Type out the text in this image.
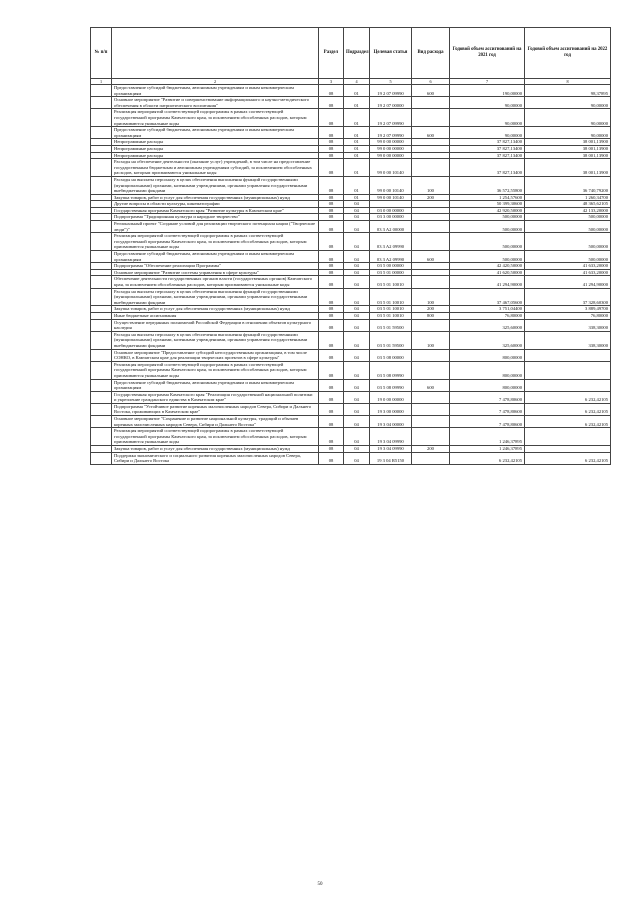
№ п/п		Раздел	Подраздел	Целевая статья	Вид расхода	Годовой объем ассигнований на 2021 год	Годовой объем ассигнований на 2022 год
1	2	3	4	5	6	7	8
	Предоставление субсидий бюджетным, автономным учреждениям и иным некоммерческим организациям	08	01	19 2 07 09990	600	190,00000	98,37895
	Основное мероприятие "Развитие и совершенствование информационного и научно-методического обеспечения в области патриотического воспитания"	08	01	19 2 07 00000		90,00000	90,00000
	Реализация мероприятий соответствующей подпрограммы в рамках соответствующей государственной программы Камчатского края, за исключением обособленных расходов, которым присваиваются уникальные коды	08	01	19 2 07 09990		90,00000	90,00000
	Предоставление субсидий бюджетным, автономным учреждениям и иным некоммерческим организациям	08	01	19 2 07 09990	600	90,00000	90,00000
	Непрограммные расходы	08	01	99 0 00 00000		37 827,13400	38 001,13900
	Непрограммные расходы	08	01	99 0 00 00000		37 827,13400	38 001,13900
	Непрограммные расходы	08	01	99 0 00 00000		37 827,13400	38 001,13900
	Расходы на обеспечение деятельности (оказание услуг) учреждений, в том числе на предоставление государственным бюджетным и автономным учреждениям субсидий, за исключением обособленных расходов, которым присваиваются уникальные коды	08	01	99 0 00 10140		37 827,13400	38 001,13900
	Расходы на выплаты персоналу в целях обеспечения выполнения функций государственными (муниципальными) органами, казенными учреждениями, органами управления государственными внебюджетными фондами	08	01	99 0 00 10140	100	36 572,55800	36 740,79200
	Закупка товаров, работ и услуг для обеспечения государственных (муниципальных) нужд	08	01	99 0 00 10140	200	1 254,57600	1 260,34700
	Другие вопросы в области культуры, кинематографии	08	04			50 399,30600	48 365,62105
	Государственная программа Камчатского края "Развитие культуры в Камчатском крае"	08	04	03 0 00 00000		42 920,50000	42 133,20000
	Подпрограмма "Традиционная культура и народное творчество"	08	04	03 3 00 00000		500,00000	500,00000
	Региональный проект "Создание условий для реализации творческого потенциала нации ("Творческие люди")"	08	04	03 3 A2 00000		500,00000	500,00000
	Реализация мероприятий соответствующей подпрограммы в рамках соответствующей государственной программы Камчатского края, за исключением обособленных расходов, которым присваиваются уникальные коды	08	04	03 3 A2 09990		500,00000	500,00000
	Предоставление субсидий бюджетным, автономным учреждениям и иным некоммерческим организациям	08	04	03 3 A2 09990	600	500,00000	500,00000
	Подпрограмма "Обеспечение реализации Программы"	08	04	03 5 00 00000		42 420,50000	41 633,20000
	Основное мероприятие "Развитие системы управления в сфере культуры"	08	04	03 5 01 00000		41 620,50000	41 633,20000
	Обеспечение деятельности государственных органов власти (государственных органов) Камчатского края, за исключением обособленных расходов, которым присваиваются уникальные коды	08	04	03 5 01 10010		41 294,90000	41 294,90000
	Расходы на выплаты персоналу в целях обеспечения выполнения функций государственными (муниципальными) органами, казенными учреждениями, органами управления государственными внебюджетными фондами	08	04	03 5 01 10010	100	37 467,05600	37 328,60300
	Закупка товаров, работ и услуг для обеспечения государственных (муниципальных) нужд	08	04	03 5 01 10010	200	3 751,04400	3 889,49700
	Иные бюджетные ассигнования	08	04	03 5 01 10010	800	76,80000	76,80000
	Осуществление переданных полномочий Российской Федерации в отношении объектов культурного наследия	08	04	03 5 01 59500		325,60000	338,30000
	Расходы на выплаты персоналу в целях обеспечения выполнения функций государственными (муниципальными) органами, казенными учреждениями, органами управления государственными внебюджетными фондами	08	04	03 5 01 59500	100	325,60000	338,30000
	Основное мероприятие "Предоставление субсидий негосударственным организациям, в том числе СОНКО, в Камчатском крае для реализации творческих проектов в сфере культуры"	08	04	03 5 08 00000		800,00000	
	Реализация мероприятий соответствующей подпрограммы в рамках соответствующей государственной программы Камчатского края, за исключением обособленных расходов, которым присваиваются уникальные коды	08	04	03 5 08 09990		800,00000	
	Предоставление субсидий бюджетным, автономным учреждениям и иным некоммерческим организациям	08	04	03 5 08 09990	600	800,00000	
	Государственная программа Камчатского края "Реализация государственной национальной политики и укрепление гражданского единства в Камчатском крае"	08	04	19 0 00 00000		7 478,80600	6 232,42105
	Подпрограмма "Устойчивое развитие коренных малочисленных народов Севера, Сибири и Дальнего Востока, проживающих в Камчатском крае"	08	04	19 3 00 00000		7 478,80600	6 232,42105
	Основное мероприятие "Сохранение и развитие национальной культуры, традиций и обычаев коренных малочисленных народов Севера, Сибири и Дальнего Востока"	08	04	19 3 04 00000		7 478,80600	6 232,42105
	Реализация мероприятий соответствующей подпрограммы в рамках соответствующей государственной программы Камчатского края, за исключением обособленных расходов, которым присваиваются уникальные коды	08	04	19 3 04 09990		1 246,37895	
	Закупка товаров, работ и услуг для обеспечения государственных (муниципальных) нужд	08	04	19 3 04 09990	200	1 246,37895	
	Поддержка экономического и социального развития коренных малочисленных народов Севера, Сибири и Дальнего Востока	08	04	19 3 04 R5150		6 232,42105	6 232,42105
50
